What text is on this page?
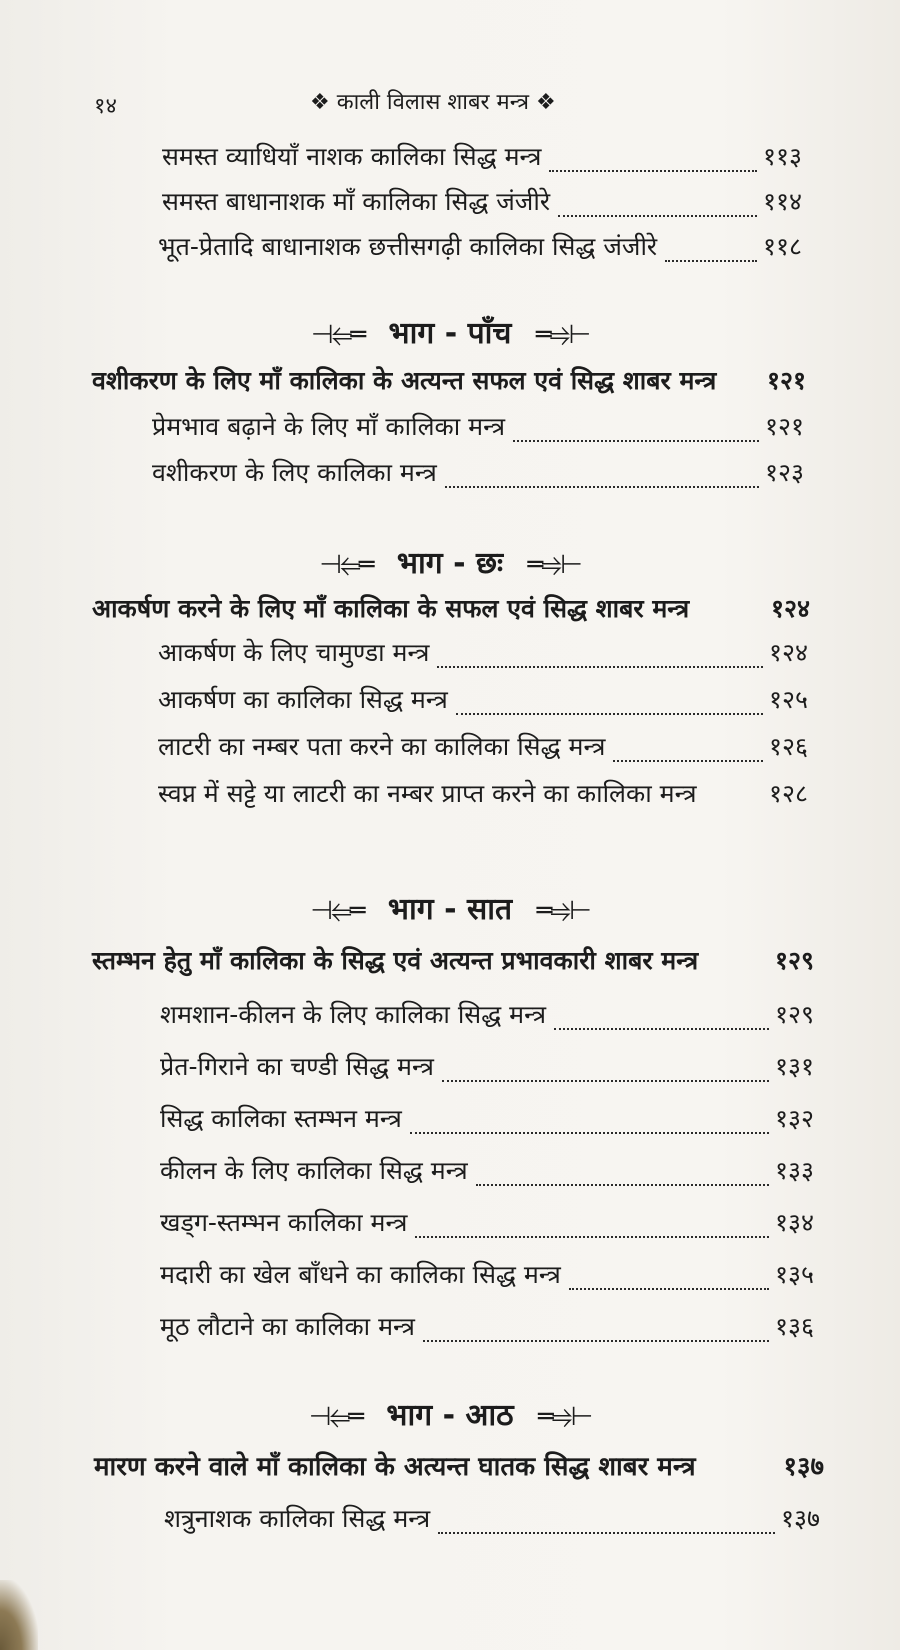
१४	❖ काली विलास शाबर मन्त्र ❖
समस्त व्याधियाँ नाशक कालिका सिद्ध मन्त्र	११३
समस्त बाधानाशक माँ कालिका सिद्ध जंजीरे	११४
भूत-प्रेतादि बाधानाशक छत्तीसगढ़ी कालिका सिद्ध जंजीरे	११८
⊣⥢═ भाग - पाँच ═⥤⊢
वशीकरण के लिए माँ कालिका के अत्यन्त सफल एवं सिद्ध शाबर मन्त्र १२१
प्रेमभाव बढ़ाने के लिए माँ कालिका मन्त्र	१२१
वशीकरण के लिए कालिका मन्त्र	१२३
⊣⥢═ भाग - छः ═⥤⊢
आकर्षण करने के लिए माँ कालिका के सफल एवं सिद्ध शाबर मन्त्र	१२४
आकर्षण के लिए चामुण्डा मन्त्र	१२४
आकर्षण का कालिका सिद्ध मन्त्र	१२५
लाटरी का नम्बर पता करने का कालिका सिद्ध मन्त्र	१२६
स्वप्न में सट्टे या लाटरी का नम्बर प्राप्त करने का कालिका मन्त्र	१२८
⊣⥢═ भाग - सात ═⥤⊢
स्तम्भन हेतु माँ कालिका के सिद्ध एवं अत्यन्त प्रभावकारी शाबर मन्त्र	१२९
शमशान-कीलन के लिए कालिका सिद्ध मन्त्र	१२९
प्रेत-गिराने का चण्डी सिद्ध मन्त्र	१३१
सिद्ध कालिका स्तम्भन मन्त्र	१३२
कीलन के लिए कालिका सिद्ध मन्त्र	१३३
खड्ग-स्तम्भन कालिका मन्त्र	१३४
मदारी का खेल बाँधने का कालिका सिद्ध मन्त्र	१३५
मूठ लौटाने का कालिका मन्त्र	१३६
⊣⥢═ भाग - आठ ═⥤⊢
मारण करने वाले माँ कालिका के अत्यन्त घातक सिद्ध शाबर मन्त्र	१३७
शत्रुनाशक कालिका सिद्ध मन्त्र	१३७
